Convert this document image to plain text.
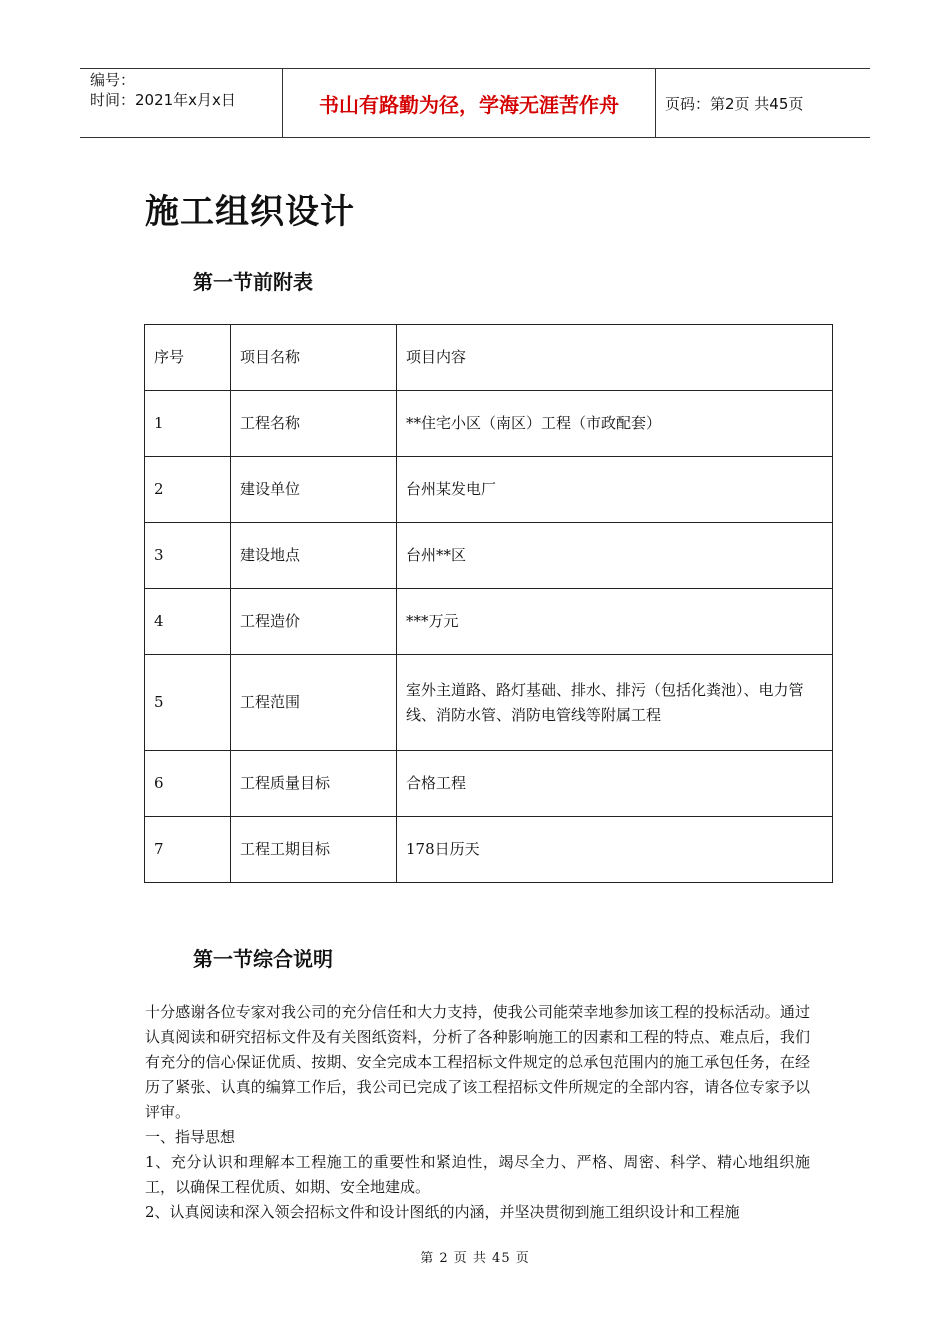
编号：
时间：2021年x月x日	书山有路勤为径，学海无涯苦作舟	页码：第2页 共45页
施工组织设计
第一节前附表
序号	项目名称	项目内容
1	工程名称	**住宅小区（南区）工程（市政配套）
2	建设单位	台州某发电厂
3	建设地点	台州**区
4	工程造价	***万元
5	工程范围	室外主道路、路灯基础、排水、排污（包括化粪池）、电力管线、消防水管、消防电管线等附属工程
6	工程质量目标	合格工程
7	工程工期目标	178日历天
第一节综合说明

十分感谢各位专家对我公司的充分信任和大力支持，使我公司能荣幸地参加该工程的投标活动。通过认真阅读和研究招标文件及有关图纸资料，分析了各种影响施工的因素和工程的特点、难点后，我们有充分的信心保证优质、按期、安全完成本工程招标文件规定的总承包范围内的施工承包任务，在经历了紧张、认真的编算工作后，我公司已完成了该工程招标文件所规定的全部内容，请各位专家予以评审。

一、指导思想

1、充分认识和理解本工程施工的重要性和紧迫性，竭尽全力、严格、周密、科学、精心地组织施工，以确保工程优质、如期、安全地建成。

2、认真阅读和深入领会招标文件和设计图纸的内涵，并坚决贯彻到施工组织设计和工程施

第 2 页 共 45 页
